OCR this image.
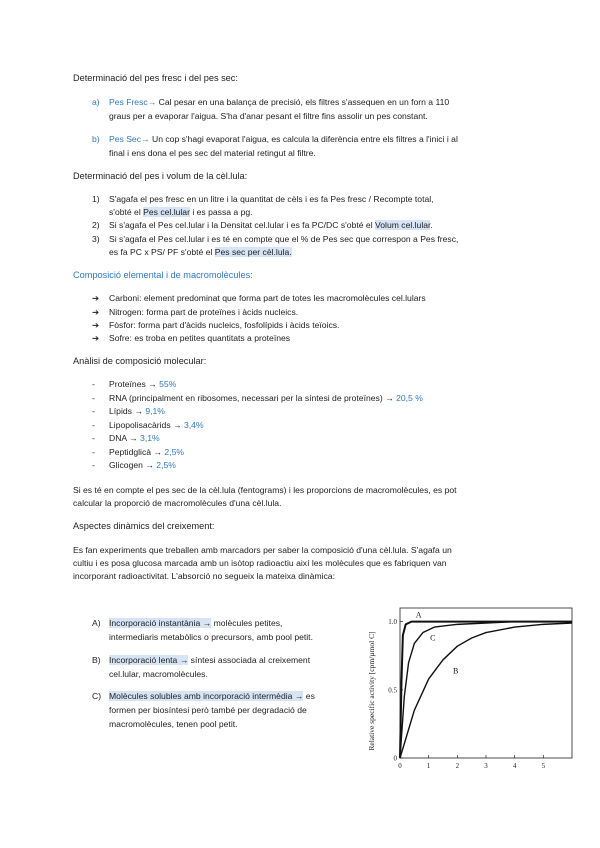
Determinació del pes fresc i del pes sec:
a) Pes Fresc→ Cal pesar en una balança de precisió, els filtres s'assequen en un forn a 110
graus per a evaporar l'aigua. S'ha d'anar pesant el filtre fins assolir un pes constant.
b) Pes Sec→ Un cop s'hagi evaporat l'aigua, es calcula la diferència entre els filtres a l'inici i al
final i ens dona el pes sec del material retingut al filtre.
Determinació del pes i volum de la cèl.lula:
1) S'agafa el pes fresc en un litre i la quantitat de cèls i es fa Pes fresc / Recompte total,
s'obté el Pes cel.lular i es passa a pg.
2) Si s'agafa el Pes cel.lular i la Densitat cel.lular i es fa PC/DC s'obté el Volum cel.lular.
3) Si s'agafa el Pes cel.lular i es té en compte que el % de Pes sec que correspon a Pes fresc,
es fa PC x PS/ PF s'obté el Pes sec per cèl.lula.
Composició elemental i de macromolècules:
➔ Carboni: element predominat que forma part de totes les macromolècules cel.lulars
➔ Nitrogen: forma part de proteïnes i àcids nucleics.
➔ Fòsfor: forma part d'àcids nucleics, fosfolípids i àcids teïoics.
➔ Sofre: es troba en petites quantitats a proteïnes
Anàlisi de composició molecular:
- Proteïnes → 55%
- RNA (principalment en ribosomes, necessari per la síntesi de proteïnes) → 20,5 %
- Lípids → 9,1%
- Lipopolisacàrids → 3,4%
- DNA → 3,1%
- Peptidglicà → 2,5%
- Glicogen → 2,5%
Si es té en compte el pes sec de la cèl.lula (fentograms) i les proporcions de macromolècules, es pot
calcular la proporció de macromolècules d'una cèl.lula.
Aspectes dinàmics del creixement:
Es fan experiments que treballen amb marcadors per saber la composició d'una cèl.lula. S'agafa un
cultiu i es posa glucosa marcada amb un isòtop radioactiu així les molècules que es fabriquen van
incorporant radioactivitat. L'absorció no segueix la mateixa dinàmica:
A) Incorporació instantània → molècules petites,
intermediaris metabòlics o precursors, amb pool petit.
B) Incorporació lenta → síntesi associada al creixement
cel.lular, macromolècules.
C) Molècules solubles amb incorporació intermèdia → es
formen per biosíntesi però també per degradació de
macromolècules, tenen pool petit.	Relative specific activity [cpm/µmol C]
0	1	2	3	4	5
0
0.5
1.0
A
C
B
